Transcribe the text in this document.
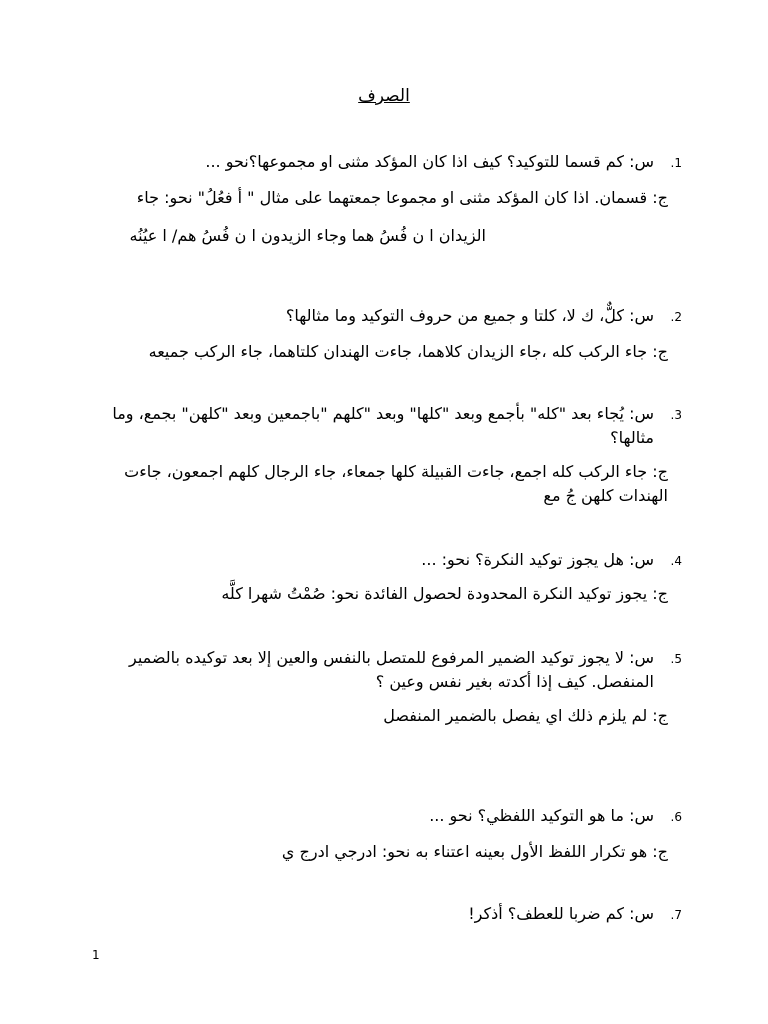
الصرف
.1
س: كم قسما للتوكيد؟ كيف اذا كان المؤكد مثنى او مجموعها؟نحو ...
ج: قسمان. اذا كان المؤكد مثنى او مجموعا جمعتهما على مثال " أ فعُلُ" نحو: جاء
الزيدان ا ن فُسُ هما وجاء الزيدون ا ن فُسُ هم/ ا عيُنُه
.2
س: كلٌّ، ك لا، كلتا و جميع من حروف التوكيد وما مثالها؟
ج: جاء الركب كله ،جاء الزيدان كلاهما، جاءت الهندان كلتاهما، جاء الركب جميعه
.3
س: يُجاء بعد "كله" بأجمع وبعد "كلها" وبعد "كلهم "باجمعين وبعد "كلهن" بجمع، وما مثالها؟
ج: جاء الركب كله اجمع، جاءت القبيلة كلها جمعاء، جاء الرجال كلهم اجمعون، جاءت الهندات كلهن جُ مع
.4
س: هل يجوز توكيد النكرة؟ نحو: ...
ج: يجوز توكيد النكرة المحدودة لحصول الفائدة نحو: صُمْتُ شهرا كلَّه
.5
س: لا يجوز توكيد الضمير المرفوع للمتصل بالنفس والعين إلا بعد توكيده بالضمير المنفصل. كيف إذا أكدته بغير نفس وعين ؟
ج: لم يلزم ذلك اي يفصل بالضمير المنفصل
.6
س: ما هو التوكيد اللفظي؟ نحو ...
ج: هو تكرار اللفظ الأول بعينه اعتناء به نحو: ادرجي ادرج ي
.7
س: كم ضربا للعطف؟ أذكر!
1
